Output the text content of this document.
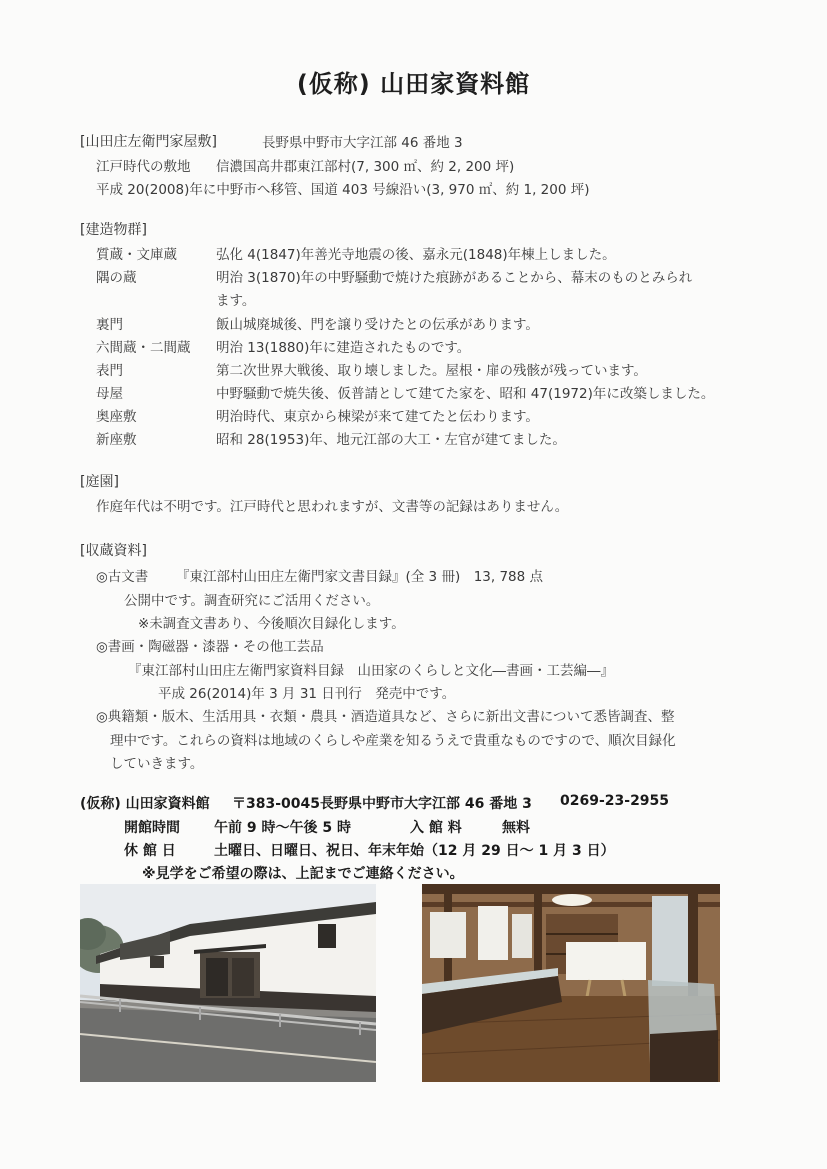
(仮称) 山田家資料館
[山田庄左衛門家屋敷]	長野県中野市大字江部 46 番地 3
江戸時代の敷地 信濃国高井郡東江部村(7, 300 ㎡、約 2, 200 坪)
平成 20(2008)年に中野市へ移管、国道 403 号線沿い(3, 970 ㎡、約 1, 200 坪)
[建造物群]
質蔵・文庫蔵	弘化 4(1847)年善光寺地震の後、嘉永元(1848)年棟上しました。
隅の蔵	明治 3(1870)年の中野騒動で焼けた痕跡があることから、幕末のものとみられ
ます。
裏門	飯山城廃城後、門を譲り受けたとの伝承があります。
六間蔵・二間蔵 明治 13(1880)年に建造されたものです。
表門	第二次世界大戦後、取り壊しました。屋根・扉の残骸が残っています。
母屋	中野騒動で焼失後、仮普請として建てた家を、昭和 47(1972)年に改築しました。
奥座敷	明治時代、東京から棟梁が来て建てたと伝わります。
新座敷	昭和 28(1953)年、地元江部の大工・左官が建てました。
[庭園]
作庭年代は不明です。江戸時代と思われますが、文書等の記録はありません。
[収蔵資料]
◎古文書 『東江部村山田庄左衛門家文書目録』(全 3 冊)　13, 788 点
公開中です。調査研究にご活用ください。
※未調査文書あり、今後順次目録化します。
◎書画・陶磁器・漆器・その他工芸品
『東江部村山田庄左衛門家資料目録　山田家のくらしと文化―書画・工芸編―』
平成 26(2014)年 3 月 31 日刊行　発売中です。
◎典籍類・版木、生活用具・衣類・農具・酒造道具など、さらに新出文書について悉皆調査、整
理中です。これらの資料は地域のくらしや産業を知るうえで貴重なものですので、順次目録化
していきます。
(仮称) 山田家資料館 〒383-0045 長野県中野市大字江部 46 番地 3 0269-23-2955
開館時間 午前 9 時～午後 5 時	入 館 料	無料
休 館 日	土曜日、日曜日、祝日、年末年始（12 月 29 日～ 1 月 3 日）
※見学をご希望の際は、上記までご連絡ください。
